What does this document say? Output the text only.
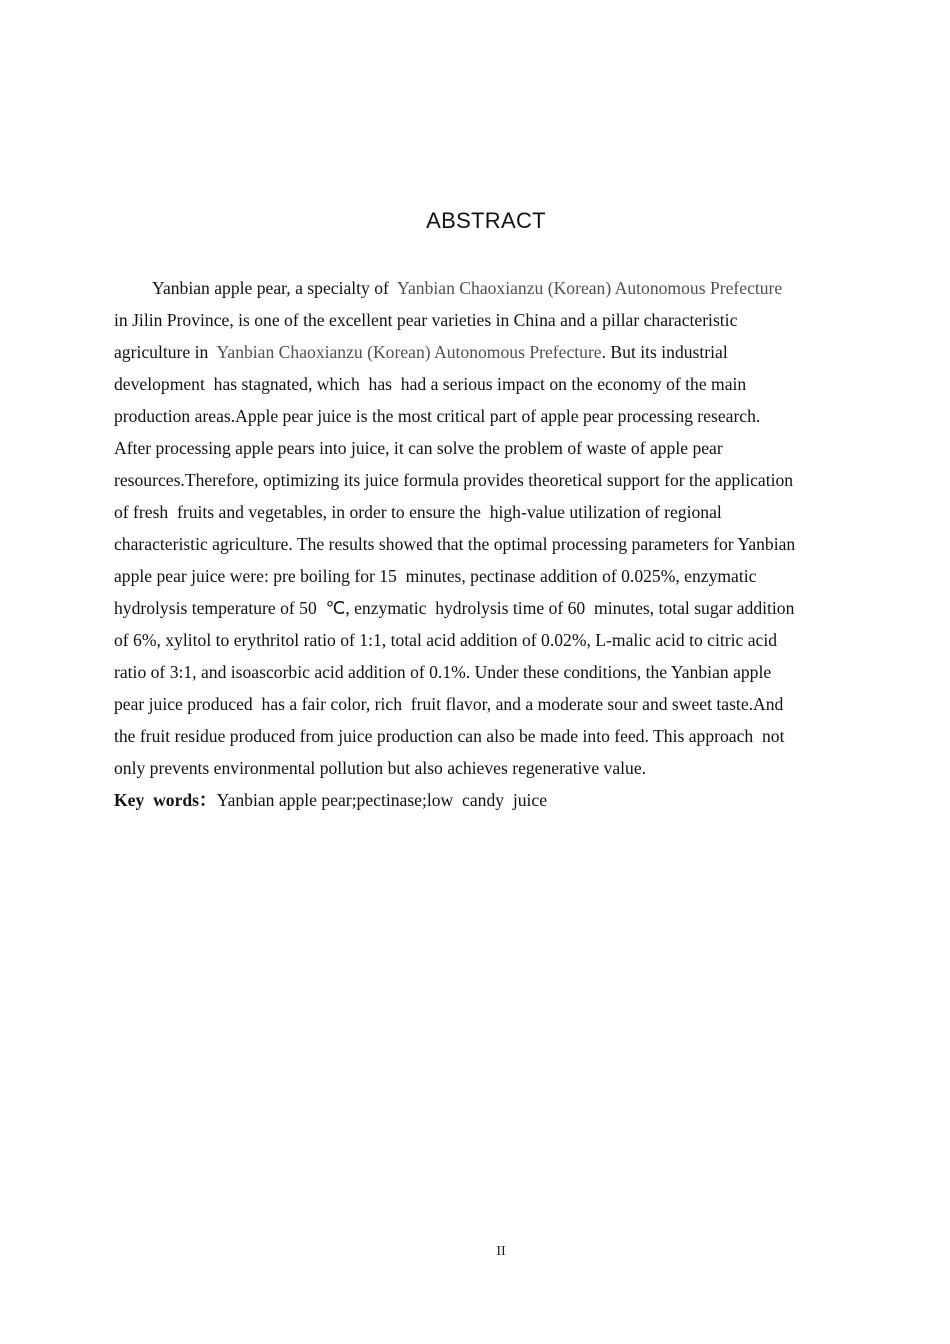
ABSTRACT
Yanbian apple pear, a specialty of  Yanbian Chaoxianzu (Korean) Autonomous Prefecture
in Jilin Province, is one of the excellent pear varieties in China and a pillar characteristic
agriculture in  Yanbian Chaoxianzu (Korean) Autonomous Prefecture. But its industrial
development  has stagnated, which  has  had a serious impact on the economy of the main
production areas.Apple pear juice is the most critical part of apple pear processing research.
After processing apple pears into juice, it can solve the problem of waste of apple pear
resources.Therefore, optimizing its juice formula provides theoretical support for the application
of fresh  fruits and vegetables, in order to ensure the  high-value utilization of regional
characteristic agriculture. The results showed that the optimal processing parameters for Yanbian
apple pear juice were: pre boiling for 15  minutes, pectinase addition of 0.025%, enzymatic
hydrolysis temperature of 50  ℃, enzymatic  hydrolysis time of 60  minutes, total sugar addition
of 6%, xylitol to erythritol ratio of 1:1, total acid addition of 0.02%, L-malic acid to citric acid
ratio of 3:1, and isoascorbic acid addition of 0.1%. Under these conditions, the Yanbian apple
pear juice produced  has a fair color, rich  fruit flavor, and a moderate sour and sweet taste.And
the fruit residue produced from juice production can also be made into feed. This approach  not
only prevents environmental pollution but also achieves regenerative value.
Key  words：Yanbian apple pear;pectinase;low  candy  juice
II
